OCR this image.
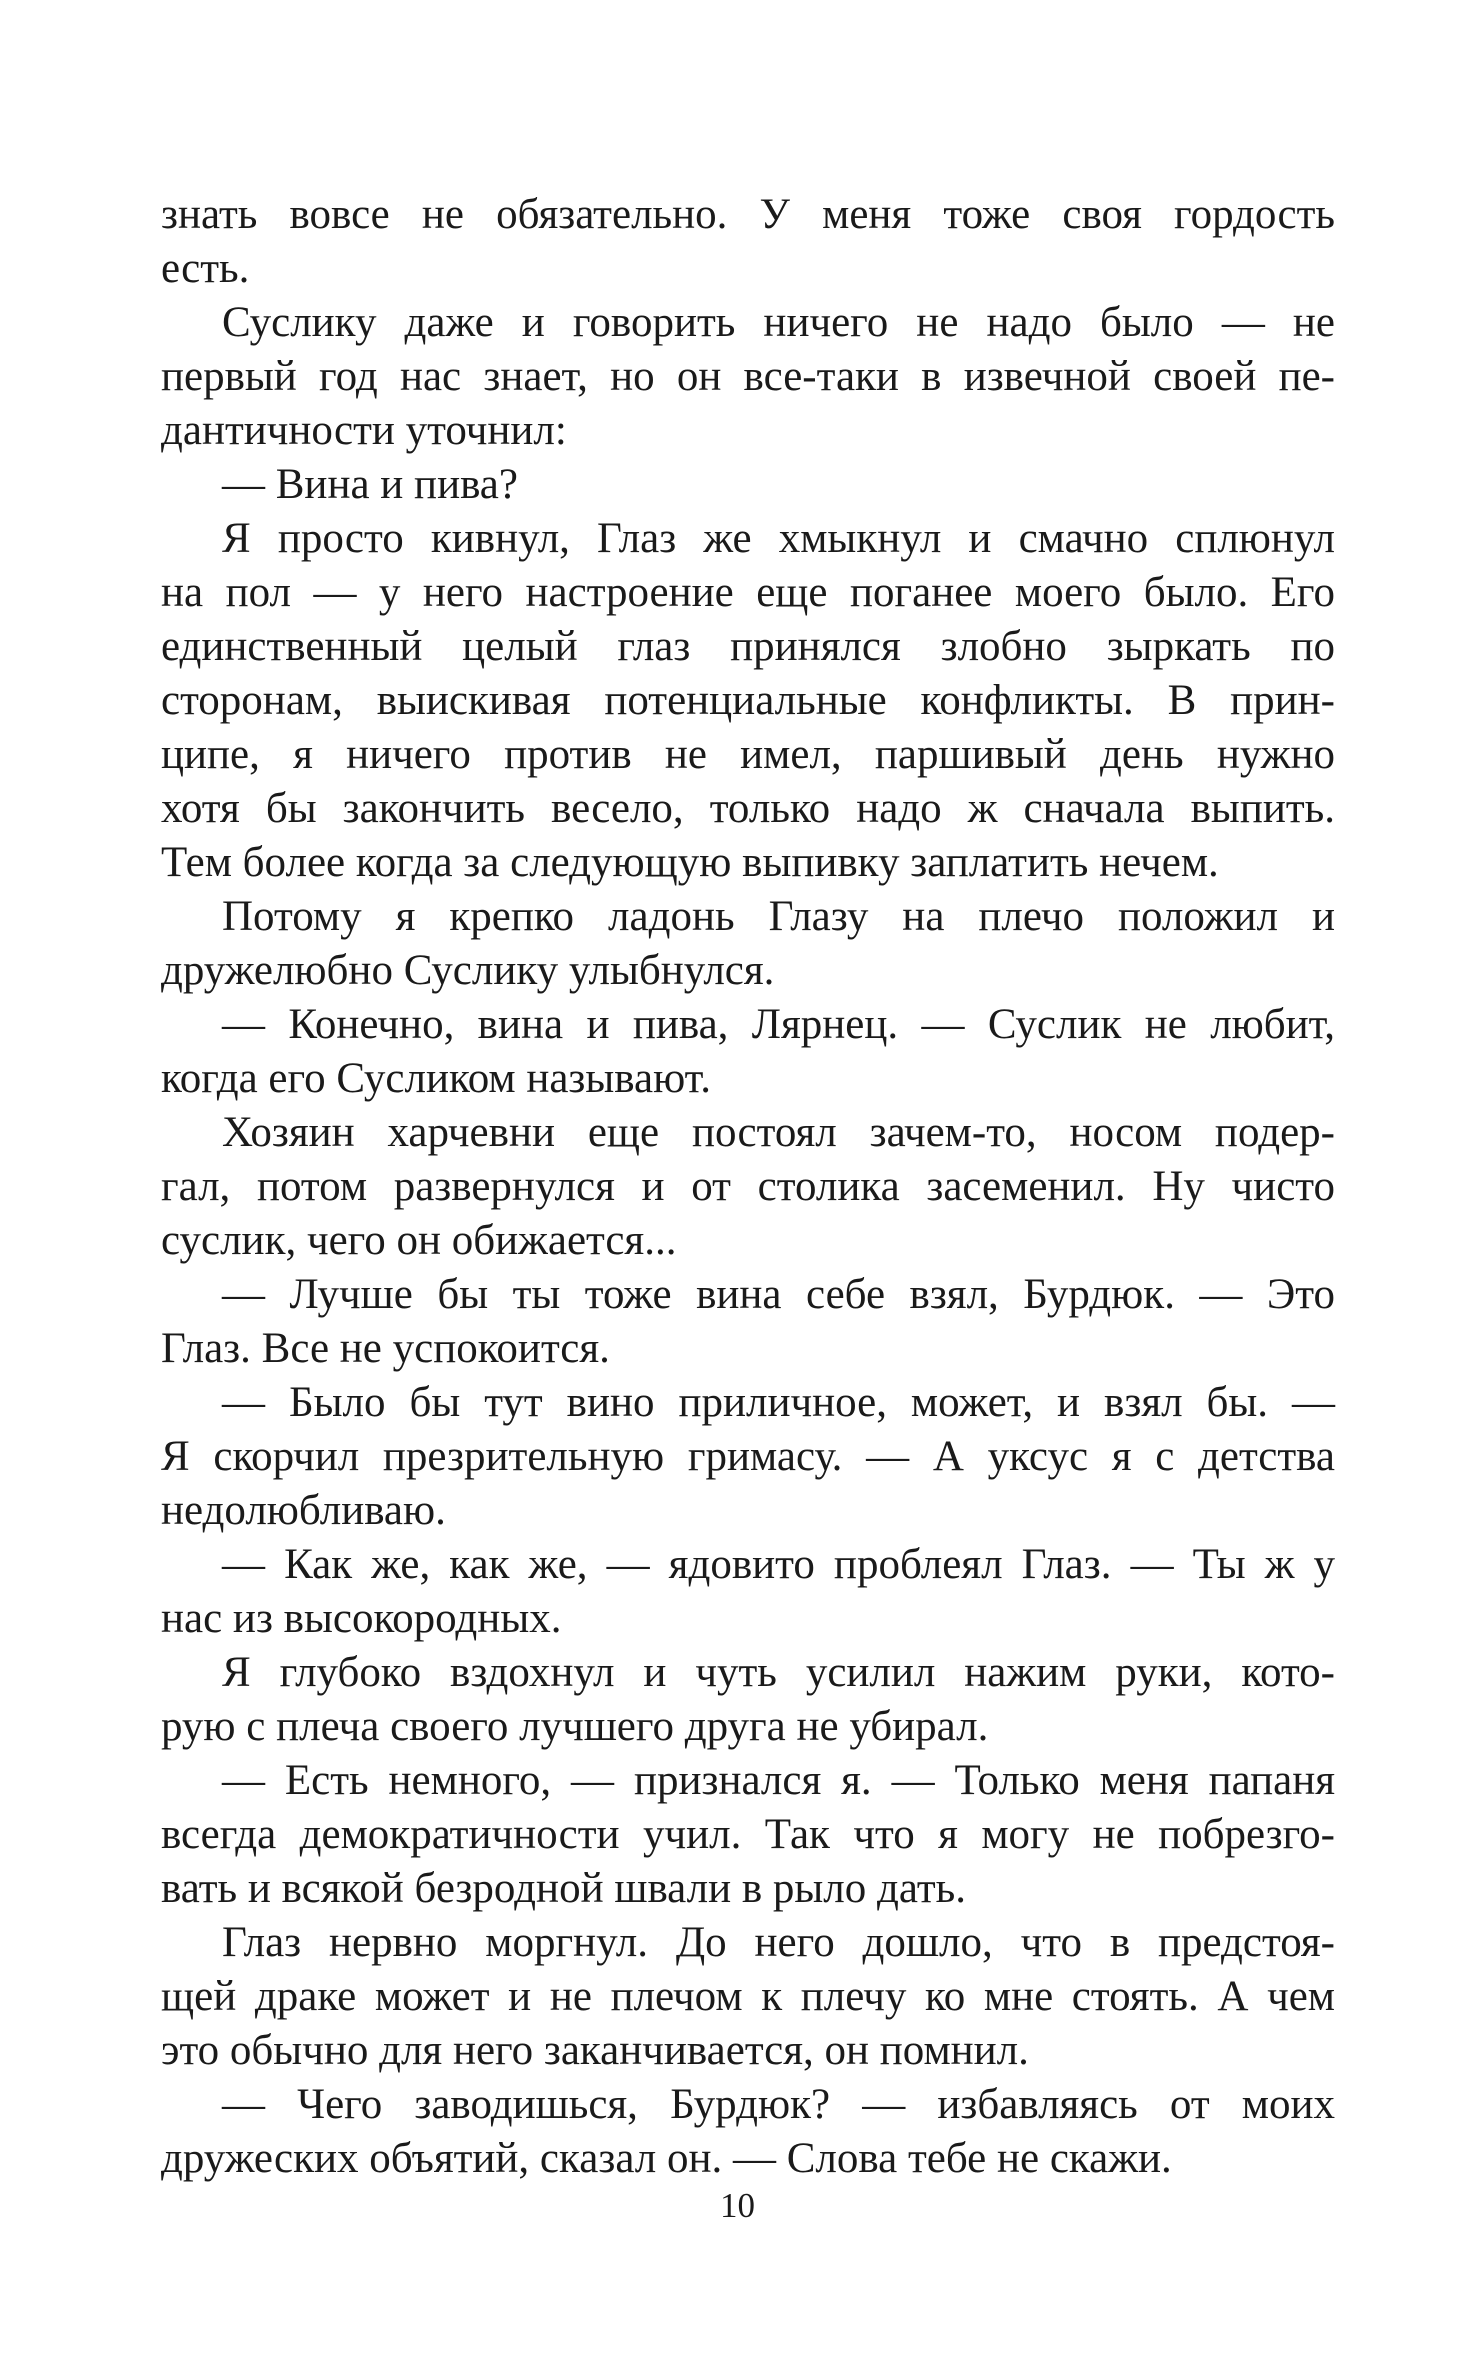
знать вовсе не обязательно. У меня тоже своя гордость
есть.
Суслику даже и говорить ничего не надо было — не
первый год нас знает, но он все-таки в извечной своей пе-
дантичности уточнил:
— Вина и пива?
Я просто кивнул, Глаз же хмыкнул и смачно сплюнул
на пол — у него настроение еще поганее моего было. Его
единственный целый глаз принялся злобно зыркать по
сторонам, выискивая потенциальные конфликты. В прин-
ципе, я ничего против не имел, паршивый день нужно
хотя бы закончить весело, только надо ж сначала выпить.
Тем более когда за следующую выпивку заплатить нечем.
Потому я крепко ладонь Глазу на плечо положил и
дружелюбно Суслику улыбнулся.
— Конечно, вина и пива, Лярнец. — Суслик не любит,
когда его Сусликом называют.
Хозяин харчевни еще постоял зачем-то, носом подер-
гал, потом развернулся и от столика засеменил. Ну чисто
суслик, чего он обижается...
— Лучше бы ты тоже вина себе взял, Бурдюк. — Это
Глаз. Все не успокоится.
— Было бы тут вино приличное, может, и взял бы. —
Я скорчил презрительную гримасу. — А уксус я с детства
недолюбливаю.
— Как же, как же, — ядовито проблеял Глаз. — Ты ж у
нас из высокородных.
Я глубоко вздохнул и чуть усилил нажим руки, кото-
рую с плеча своего лучшего друга не убирал.
— Есть немного, — признался я. — Только меня папаня
всегда демократичности учил. Так что я могу не побрезго-
вать и всякой безродной швали в рыло дать.
Глаз нервно моргнул. До него дошло, что в предстоя-
щей драке может и не плечом к плечу ко мне стоять. А чем
это обычно для него заканчивается, он помнил.
— Чего заводишься, Бурдюк? — избавляясь от моих
дружеских объятий, сказал он. — Слова тебе не скажи.
10
